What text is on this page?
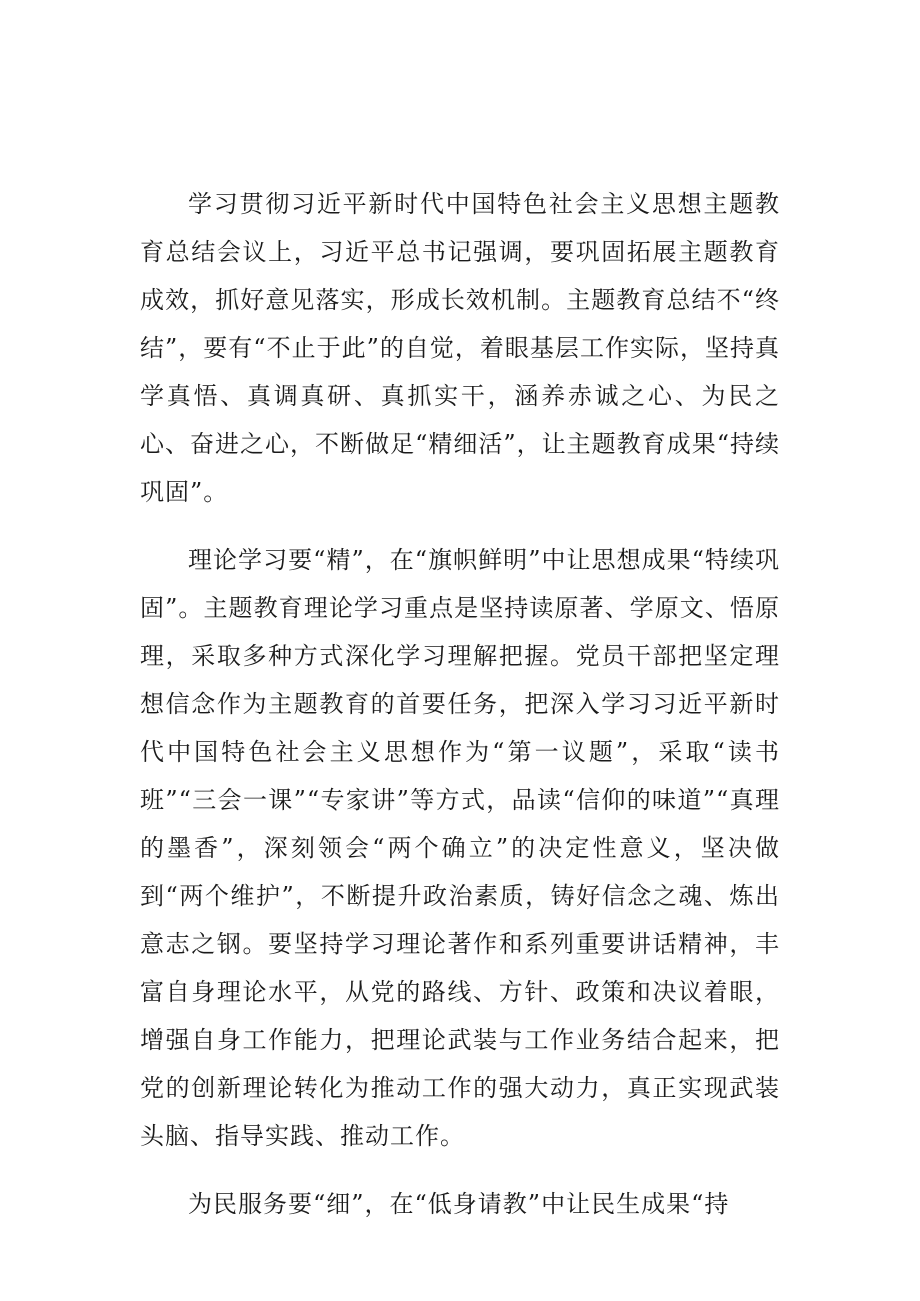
学习贯彻习近平新时代中国特色社会主义思想主题教育总结会议上，习近平总书记强调，要巩固拓展主题教育成效，抓好意见落实，形成长效机制。主题教育总结不“终结”，要有“不止于此”的自觉，着眼基层工作实际，坚持真学真悟、真调真研、真抓实干，涵养赤诚之心、为民之心、奋进之心，不断做足“精细活”，让主题教育成果“持续巩固”。

理论学习要“精”，在“旗帜鲜明”中让思想成果“特续巩固”。主题教育理论学习重点是坚持读原著、学原文、悟原理，采取多种方式深化学习理解把握。党员干部把坚定理想信念作为主题教育的首要任务，把深入学习习近平新时代中国特色社会主义思想作为“第一议题”，采取“读书班”“三会一课”“专家讲”等方式，品读“信仰的味道”“真理的墨香”，深刻领会“两个确立”的决定性意义，坚决做到“两个维护”，不断提升政治素质，铸好信念之魂、炼出意志之钢。要坚持学习理论著作和系列重要讲话精神，丰富自身理论水平，从党的路线、方针、政策和决议着眼，增强自身工作能力，把理论武装与工作业务结合起来，把党的创新理论转化为推动工作的强大动力，真正实现武装头脑、指导实践、推动工作。

为民服务要“细”，在“低身请教”中让民生成果“持
